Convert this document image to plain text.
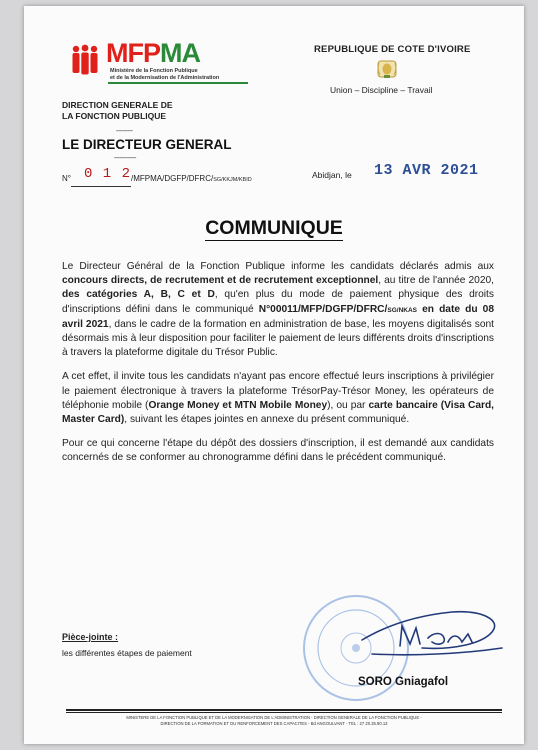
MFPMA
Ministère de la Fonction Publique
et de la Modernisation de l'Administration
REPUBLIQUE DE COTE D'IVOIRE
Union – Discipline – Travail
DIRECTION GENERALE DE
LA FONCTION PUBLIQUE
---------
LE DIRECTEUR GENERAL
------------
N° 0 1 2/MFPMA/DGFP/DFRC/SG/KKJM/KBID	Abidjan, le 13 AVR 2021
COMMUNIQUE

Le Directeur Général de la Fonction Publique informe les candidats déclarés admis aux concours directs, de recrutement et de recrutement exceptionnel, au titre de l'année 2020, des catégories A, B, C et D, qu'en plus du mode de paiement physique des droits d'inscriptions défini dans le communiqué N°00011/MFP/DGFP/DFRC/SG/NKAS en date du 08 avril 2021, dans le cadre de la formation en administration de base, les moyens digitalisés sont désormais mis à leur disposition pour faciliter le paiement de leurs différents droits d'inscriptions à travers la plateforme digitale du Trésor Public.

A cet effet, il invite tous les candidats n'ayant pas encore effectué leurs inscriptions à privilégier le paiement électronique à travers la plateforme TrésorPay-Trésor Money, les opérateurs de téléphonie mobile (Orange Money et MTN Mobile Money), ou par carte bancaire (Visa Card, Master Card), suivant les étapes jointes en annexe du présent communiqué.

Pour ce qui concerne l'étape du dépôt des dossiers d'inscription, il est demandé aux candidats concernés de se conformer au chronogramme défini dans le précédent communiqué.

Pièce-jointe :
les différentes étapes de paiement
SORO Gniagafol
MINISTERE DE LA FONCTION PUBLIQUE ET DE LA MODERNISATION DE L'ADMINISTRATION - DIRECTION GENERALE DE LA FONCTION PUBLIQUE -
DIRECTION DE LA FORMATION ET DU RENFORCEMENT DES CAPACITES - Bd ANGOULVANT - TEL : 27 20.25.90.13
